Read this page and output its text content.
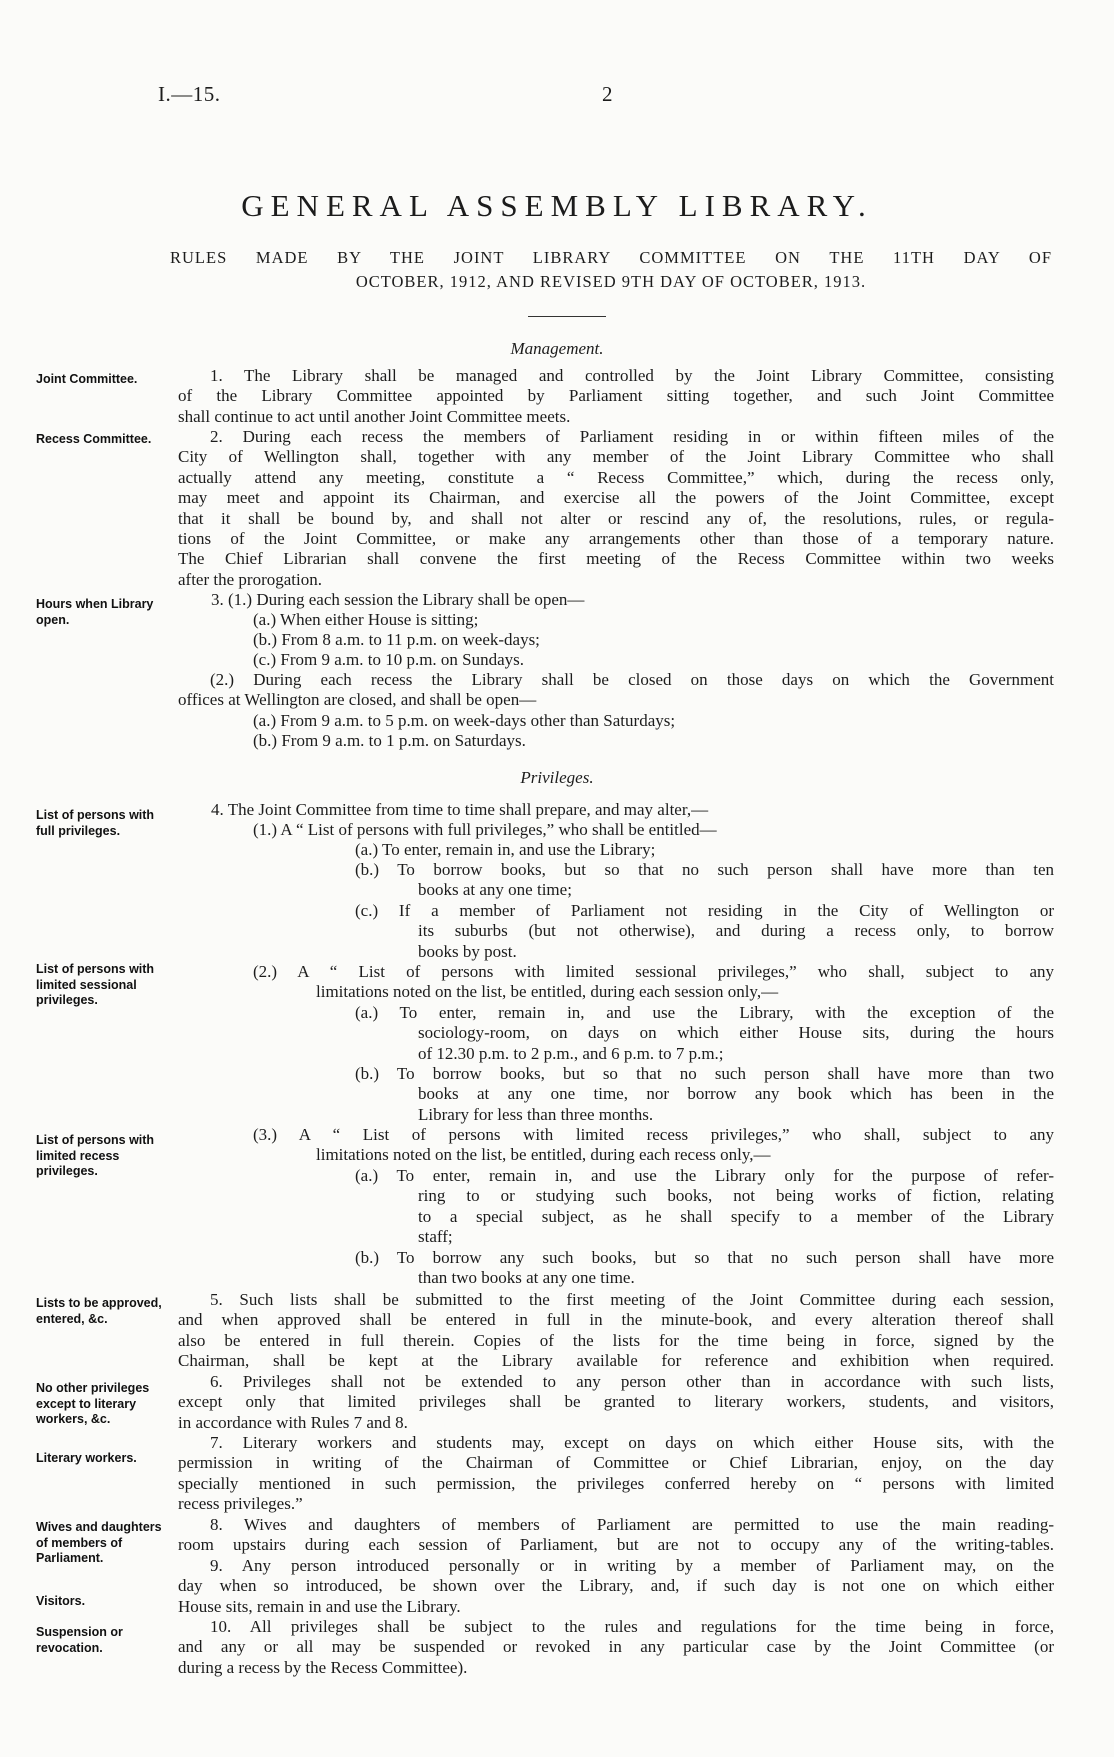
I.—15.	2
GENERAL ASSEMBLY LIBRARY.
RULES MADE BY THE JOINT LIBRARY COMMITTEE ON THE 11TH DAY OF
OCTOBER, 1912, AND REVISED 9TH DAY OF OCTOBER, 1913.
Management.
Joint Committee.
Recess Committee.
Hours when Library open.
1. The Library shall be managed and controlled by the Joint Library Committee, consisting
of the Library Committee appointed by Parliament sitting together, and such Joint Committee
shall continue to act until another Joint Committee meets.
2. During each recess the members of Parliament residing in or within fifteen miles of the
City of Wellington shall, together with any member of the Joint Library Committee who shall
actually attend any meeting, constitute a “ Recess Committee,” which, during the recess only,
may meet and appoint its Chairman, and exercise all the powers of the Joint Committee, except
that it shall be bound by, and shall not alter or rescind any of, the resolutions, rules, or regula-
tions of the Joint Committee, or make any arrangements other than those of a temporary nature.
The Chief Librarian shall convene the first meeting of the Recess Committee within two weeks
after the prorogation.
3. (1.) During each session the Library shall be open—
(a.) When either House is sitting;
(b.) From 8 a.m. to 11 p.m. on week-days;
(c.) From 9 a.m. to 10 p.m. on Sundays.
(2.) During each recess the Library shall be closed on those days on which the Government
offices at Wellington are closed, and shall be open—
(a.) From 9 a.m. to 5 p.m. on week-days other than Saturdays;
(b.) From 9 a.m. to 1 p.m. on Saturdays.
Privileges.
List of persons with full privileges.
List of persons with limited sessional privileges.
List of persons with limited recess privileges.
4. The Joint Committee from time to time shall prepare, and may alter,—
(1.) A “ List of persons with full privileges,” who shall be entitled—
(a.) To enter, remain in, and use the Library;
(b.) To borrow books, but so that no such person shall have more than ten
books at any one time;
(c.) If a member of Parliament not residing in the City of Wellington or
its suburbs (but not otherwise), and during a recess only, to borrow
books by post.
(2.) A “ List of persons with limited sessional privileges,” who shall, subject to any
limitations noted on the list, be entitled, during each session only,—
(a.) To enter, remain in, and use the Library, with the exception of the
sociology-room, on days on which either House sits, during the hours
of 12.30 p.m. to 2 p.m., and 6 p.m. to 7 p.m.;
(b.) To borrow books, but so that no such person shall have more than two
books at any one time, nor borrow any book which has been in the
Library for less than three months.
(3.) A “ List of persons with limited recess privileges,” who shall, subject to any
limitations noted on the list, be entitled, during each recess only,—
(a.) To enter, remain in, and use the Library only for the purpose of refer-
ring to or studying such books, not being works of fiction, relating
to a special subject, as he shall specify to a member of the Library
staff;
(b.) To borrow any such books, but so that no such person shall have more
than two books at any one time.
Lists to be approved, entered, &c.
No other privileges except to literary workers, &c.
Literary workers.
Wives and daughters of members of Parliament.
Visitors.
Suspension or revocation.
5. Such lists shall be submitted to the first meeting of the Joint Committee during each session,
and when approved shall be entered in full in the minute-book, and every alteration thereof shall
also be entered in full therein. Copies of the lists for the time being in force, signed by the
Chairman, shall be kept at the Library available for reference and exhibition when required.
6. Privileges shall not be extended to any person other than in accordance with such lists,
except only that limited privileges shall be granted to literary workers, students, and visitors,
in accordance with Rules 7 and 8.
7. Literary workers and students may, except on days on which either House sits, with the
permission in writing of the Chairman of Committee or Chief Librarian, enjoy, on the day
specially mentioned in such permission, the privileges conferred hereby on “ persons with limited
recess privileges.”
8. Wives and daughters of members of Parliament are permitted to use the main reading-
room upstairs during each session of Parliament, but are not to occupy any of the writing-tables.
9. Any person introduced personally or in writing by a member of Parliament may, on the
day when so introduced, be shown over the Library, and, if such day is not one on which either
House sits, remain in and use the Library.
10. All privileges shall be subject to the rules and regulations for the time being in force,
and any or all may be suspended or revoked in any particular case by the Joint Committee (or
during a recess by the Recess Committee).
